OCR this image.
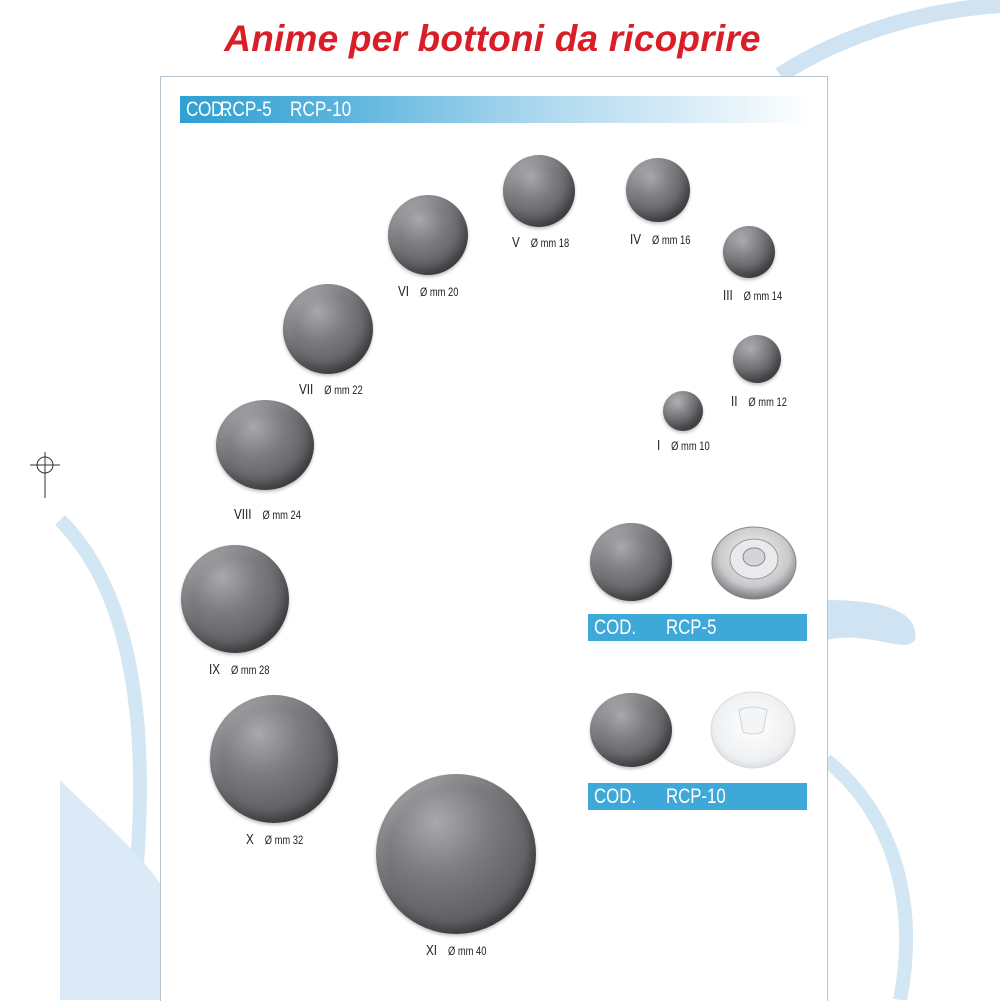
Anime per bottoni da ricoprire
COD.
RCP-5 RCP-10
I Ø mm 10
II Ø mm 12
III Ø mm 14
IV Ø mm 16
V Ø mm 18
VI Ø mm 20
VII Ø mm 22
VIII Ø mm 24
IX Ø mm 28
X Ø mm 32
XI Ø mm 40
COD. RCP-5
COD. RCP-10
